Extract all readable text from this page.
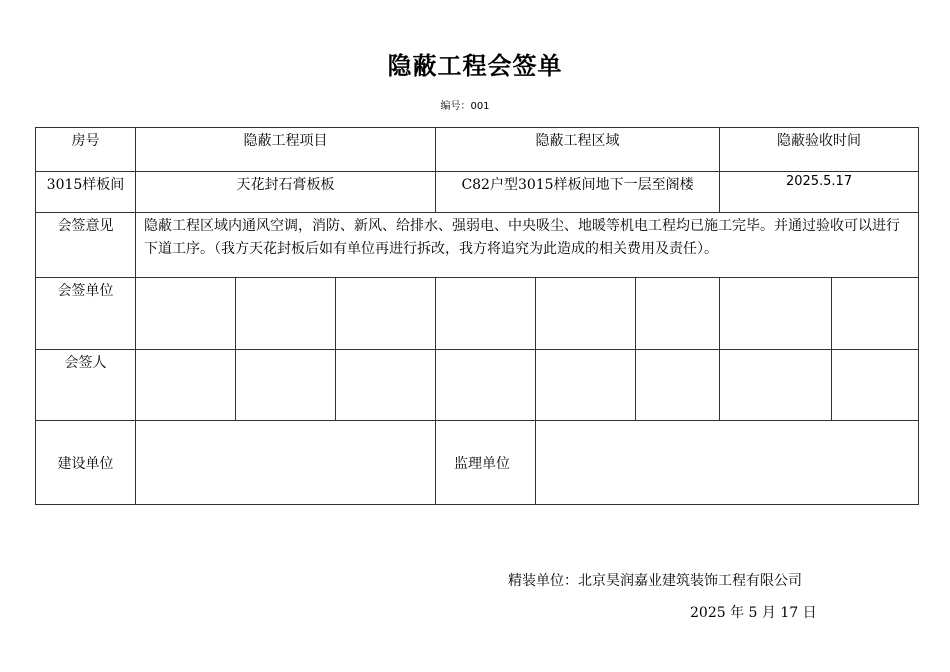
隐蔽工程会签单
编号：001
房号	隐蔽工程项目			隐蔽工程区域			隐蔽验收时间	
3015样板间	天花封石膏板板			C82户型3015样板间地下一层至阁楼			2025.5.17	
会签意见	隐蔽工程区域内通风空调，消防、新风、给排水、强弱电、中央吸尘、地暖等机电工程均已施工完毕。并通过验收可以进行下道工序。（我方天花封板后如有单位再进行拆改，我方将追究为此造成的相关费用及责任）。							
会签单位								
会签人								
建设单位				监理单位				
精装单位：北京昊润嘉业建筑装饰工程有限公司
2025 年 5 月 17 日
